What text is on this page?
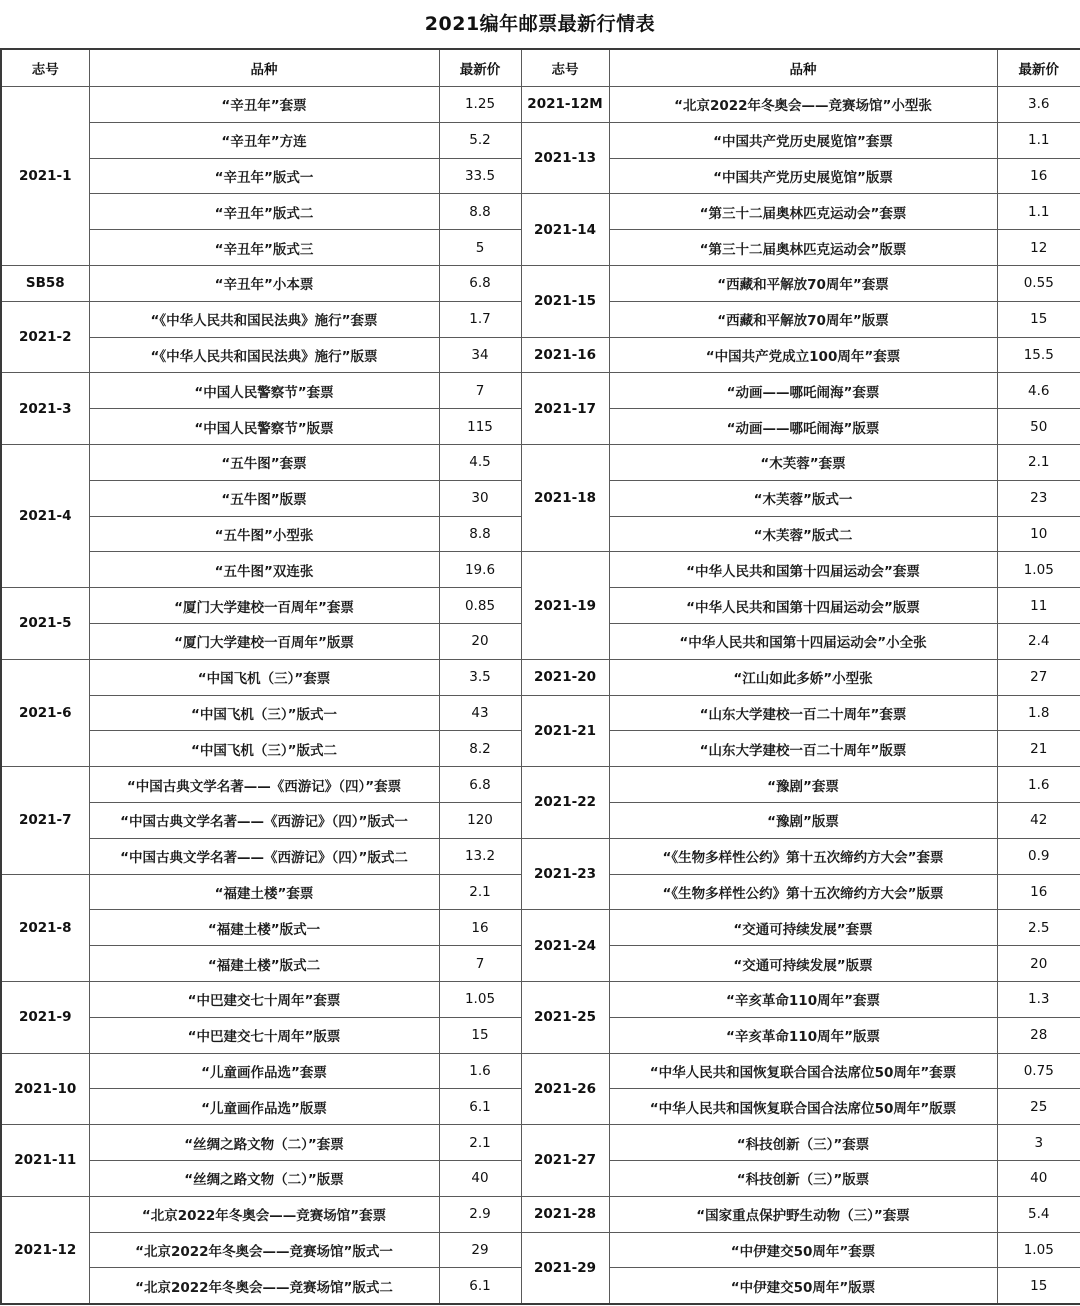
2021编年邮票最新行情表
志号	品种	最新价	志号	品种	最新价
2021-1	“辛丑年”套票	1.25	2021-12M	“北京2022年冬奥会——竞赛场馆”小型张	3.6
	“辛丑年”方连	5.2	2021-13	“中国共产党历史展览馆”套票	1.1
	“辛丑年”版式一	33.5		“中国共产党历史展览馆”版票	16
	“辛丑年”版式二	8.8	2021-14	“第三十二届奥林匹克运动会”套票	1.1
	“辛丑年”版式三	5		“第三十二届奥林匹克运动会”版票	12
SB58	“辛丑年”小本票	6.8	2021-15	“西藏和平解放70周年”套票	0.55
2021-2	“《中华人民共和国民法典》施行”套票	1.7		“西藏和平解放70周年”版票	15
	“《中华人民共和国民法典》施行”版票	34	2021-16	“中国共产党成立100周年”套票	15.5
2021-3	“中国人民警察节”套票	7	2021-17	“动画——哪吒闹海”套票	4.6
	“中国人民警察节”版票	115		“动画——哪吒闹海”版票	50
2021-4	“五牛图”套票	4.5	2021-18	“木芙蓉”套票	2.1
	“五牛图”版票	30		“木芙蓉”版式一	23
	“五牛图”小型张	8.8		“木芙蓉”版式二	10
	“五牛图”双连张	19.6	2021-19	“中华人民共和国第十四届运动会”套票	1.05
2021-5	“厦门大学建校一百周年”套票	0.85		“中华人民共和国第十四届运动会”版票	11
	“厦门大学建校一百周年”版票	20		“中华人民共和国第十四届运动会”小全张	2.4
2021-6	“中国飞机（三）”套票	3.5	2021-20	“江山如此多娇”小型张	27
	“中国飞机（三）”版式一	43	2021-21	“山东大学建校一百二十周年”套票	1.8
	“中国飞机（三）”版式二	8.2		“山东大学建校一百二十周年”版票	21
2021-7	“中国古典文学名著——《西游记》（四）”套票	6.8	2021-22	“豫剧”套票	1.6
	“中国古典文学名著——《西游记》（四）”版式一	120		“豫剧”版票	42
	“中国古典文学名著——《西游记》（四）”版式二	13.2	2021-23	“《生物多样性公约》第十五次缔约方大会”套票	0.9
2021-8	“福建土楼”套票	2.1		“《生物多样性公约》第十五次缔约方大会”版票	16
	“福建土楼”版式一	16	2021-24	“交通可持续发展”套票	2.5
	“福建土楼”版式二	7		“交通可持续发展”版票	20
2021-9	“中巴建交七十周年”套票	1.05	2021-25	“辛亥革命110周年”套票	1.3
	“中巴建交七十周年”版票	15		“辛亥革命110周年”版票	28
2021-10	“儿童画作品选”套票	1.6	2021-26	“中华人民共和国恢复联合国合法席位50周年”套票	0.75
	“儿童画作品选”版票	6.1		“中华人民共和国恢复联合国合法席位50周年”版票	25
2021-11	“丝绸之路文物（二）”套票	2.1	2021-27	“科技创新（三）”套票	3
	“丝绸之路文物（二）”版票	40		“科技创新（三）”版票	40
2021-12	“北京2022年冬奥会——竞赛场馆”套票	2.9	2021-28	“国家重点保护野生动物（三）”套票	5.4
	“北京2022年冬奥会——竞赛场馆”版式一	29	2021-29	“中伊建交50周年”套票	1.05
	“北京2022年冬奥会——竞赛场馆”版式二	6.1		“中伊建交50周年”版票	15
